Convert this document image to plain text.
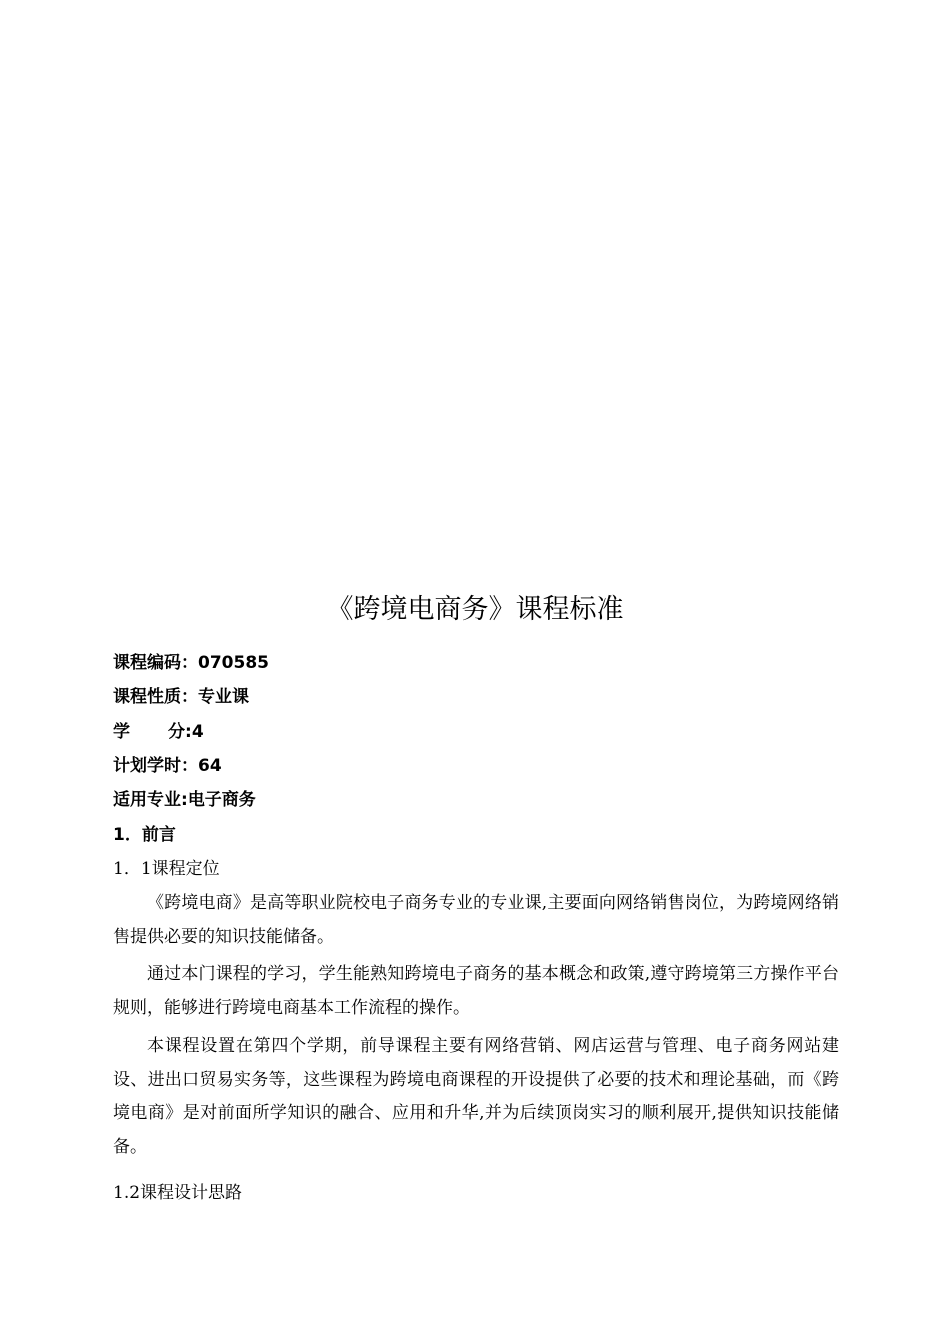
《跨境电商务》课程标准
课程编码：070585
课程性质：专业课
学 分:4
计划学时：64
适用专业:电子商务
1．前言
1．1课程定位

《跨境电商》是高等职业院校电子商务专业的专业课,主要面向网络销售岗位，为跨境网络销售提供必要的知识技能储备。

通过本门课程的学习，学生能熟知跨境电子商务的基本概念和政策,遵守跨境第三方操作平台规则，能够进行跨境电商基本工作流程的操作。

本课程设置在第四个学期，前导课程主要有网络营销、网店运营与管理、电子商务网站建设、进出口贸易实务等，这些课程为跨境电商课程的开设提供了必要的技术和理论基础，而《跨境电商》是对前面所学知识的融合、应用和升华,并为后续顶岗实习的顺利展开,提供知识技能储备。

1.2课程设计思路
